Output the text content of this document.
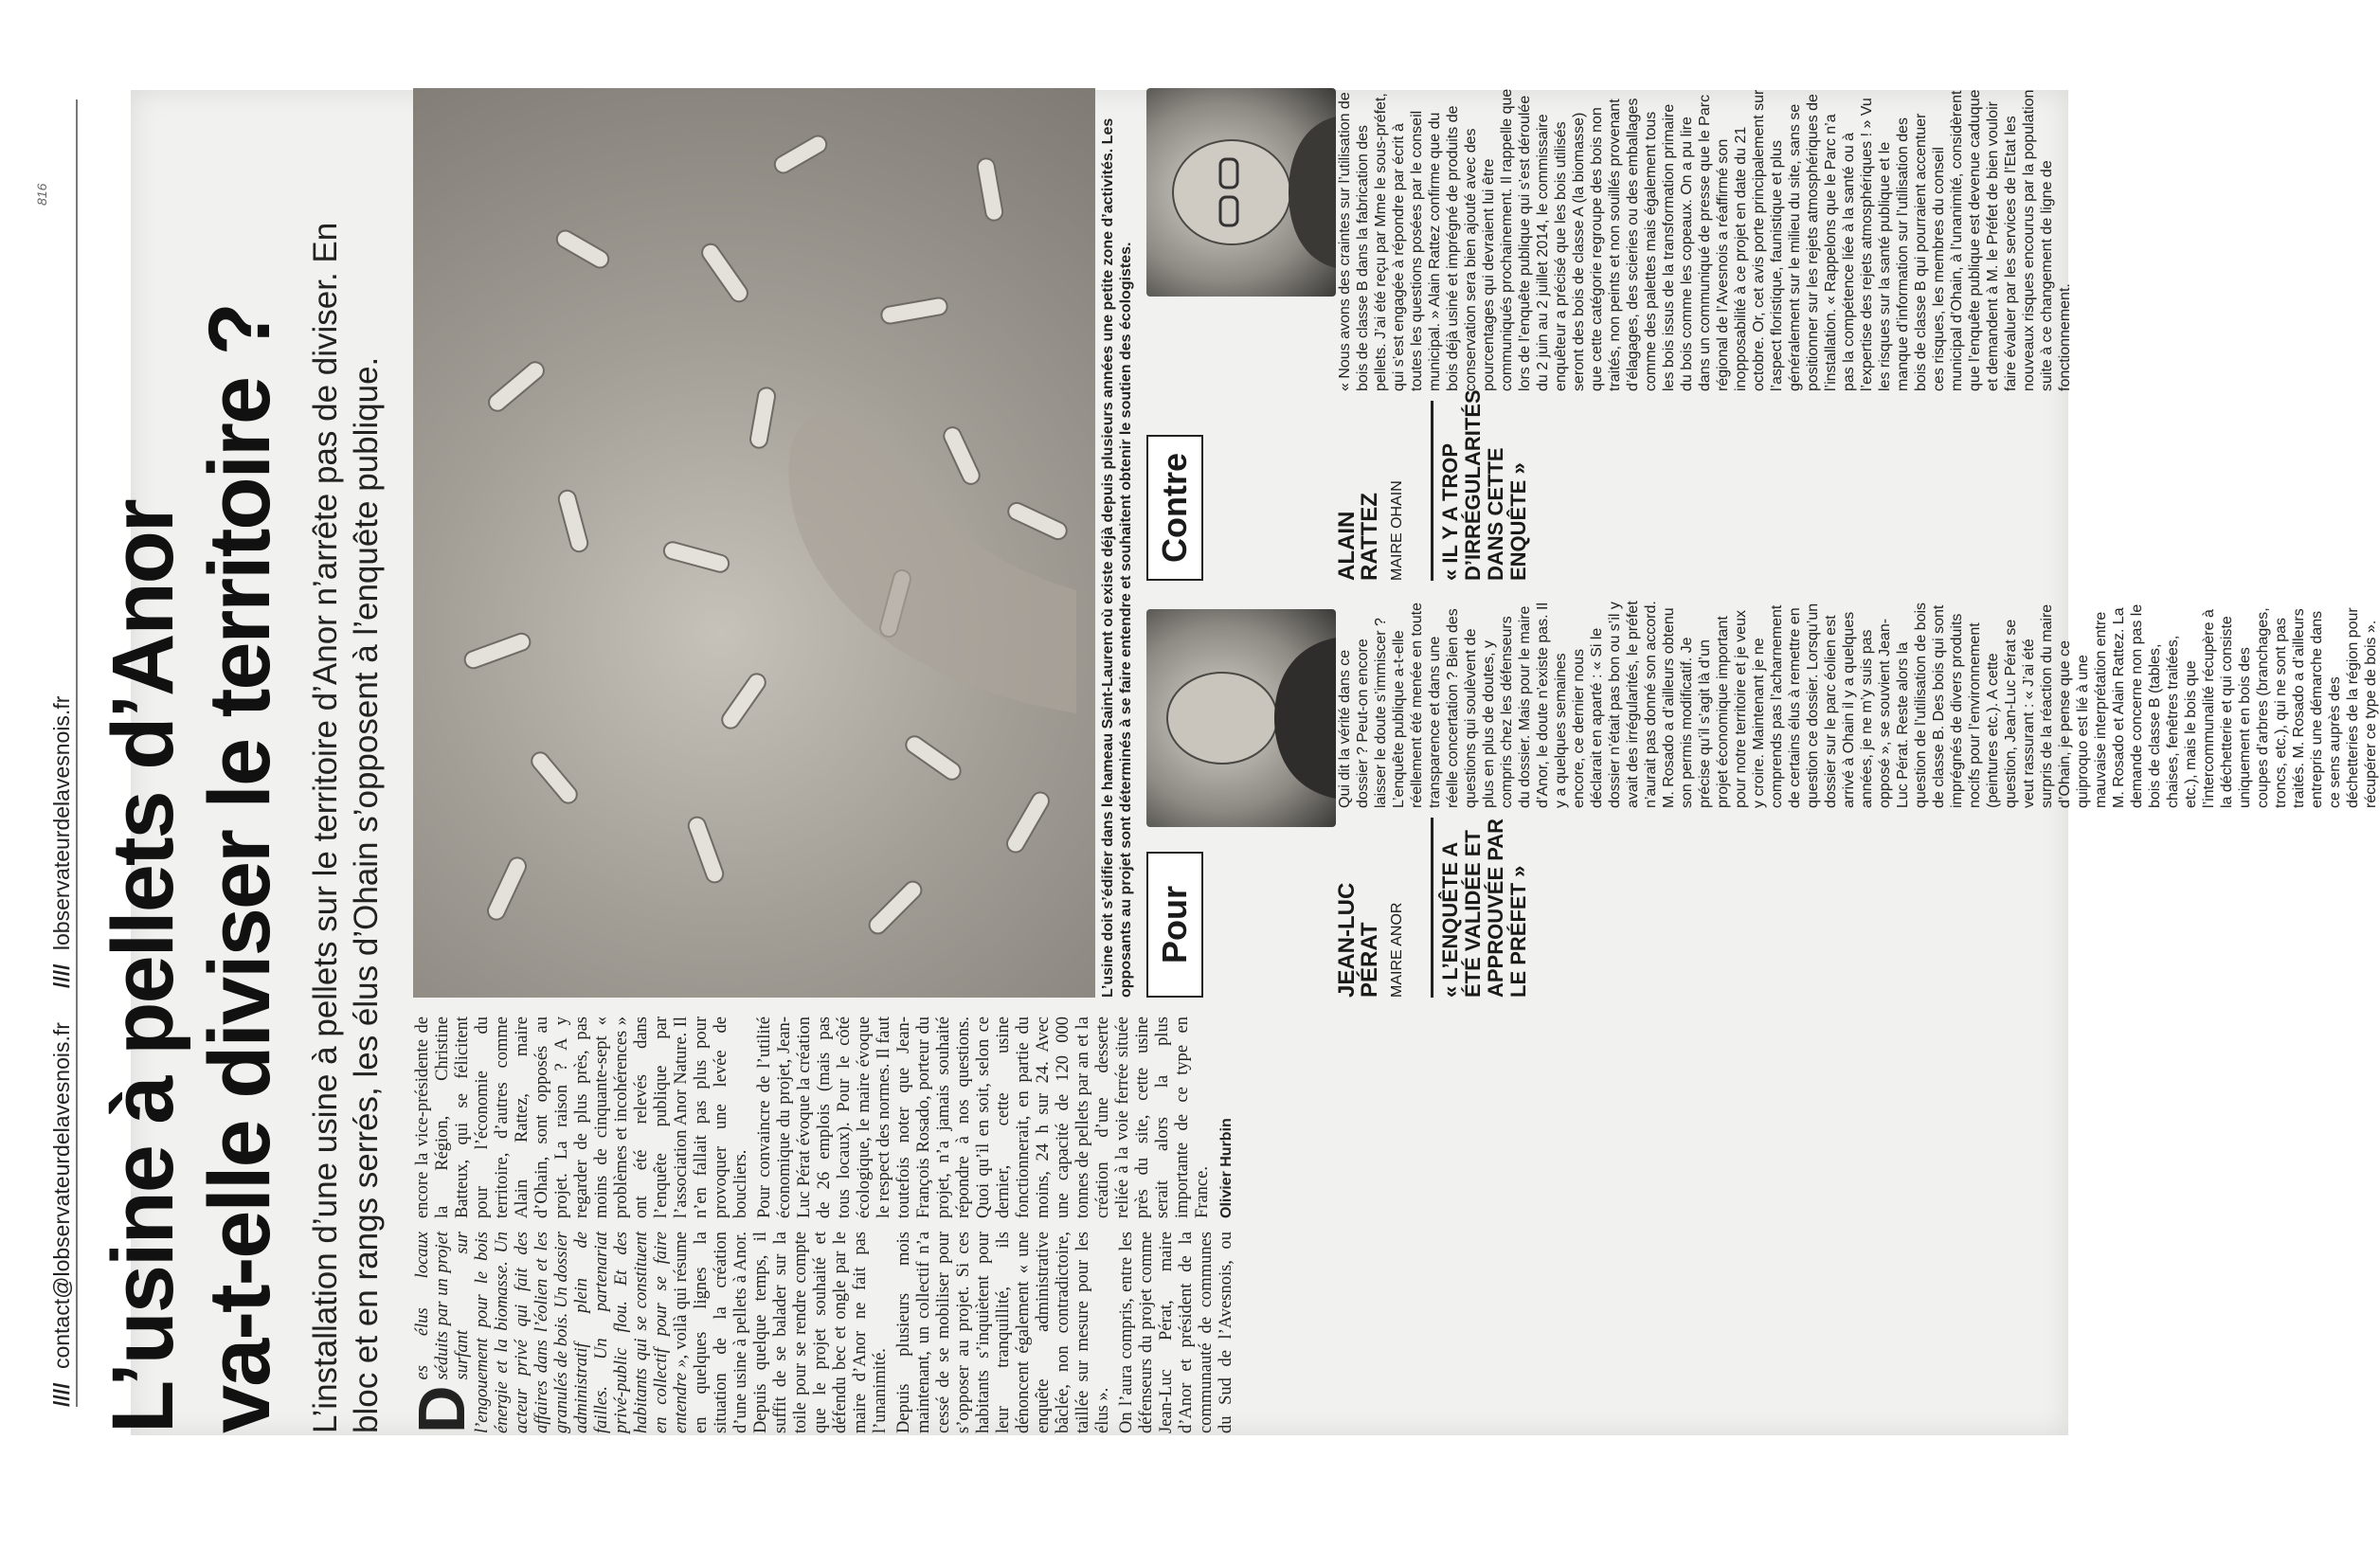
//// contact@lobservateurdelavesnois.fr
//// lobservateurdelavesnois.fr
816
L’usine à pellets d’Anor va-t-elle diviser le territoire ? L’installation d’une usine à pellets sur le territoire d’Anor n’arrête pas de diviser. En bloc et en rangs serrés, les élus d’Ohain s’opposent à l’enquête publique. D
es élus locaux séduits par un projet surfant sur l’engouement pour le bois énergie et la biomasse. Un acteur privé qui fait des affaires dans l’éolien et les granulés de bois. Un dossier administratif plein de failles. Un partenariat privé-public flou. Et des habitants qui se constituent en collectif pour se faire entendre », voilà qui résume en quelques lignes la situation de la création d’une usine à pellets à Anor. Depuis quelque temps, il suffit de se balader sur la toile pour se rendre compte que le projet souhaité et défendu bec et ongle par le maire d’Anor ne fait pas l’unanimité. Depuis plusieurs mois maintenant, un collectif n’a cessé de se mobiliser pour s’opposer au projet. Si ces habitants s’inquiètent pour leur tranquillité, ils dénoncent également « une enquête administrative bâclée, non contradictoire, taillée sur mesure pour les élus ». On l’aura compris, entre les défenseurs du projet comme Jean-Luc Pérat, maire d’Anor et président de la communauté de communes du Sud de l’Avesnois, ou encore la vice-présidente de la Région, Christine Batteux, qui se félicitent pour l’économie du territoire, d’autres comme Alain Rattez, maire d’Ohain, sont opposés au projet. La raison ? A y regarder de plus près, pas moins de cinquante-sept « problèmes et incohérences » ont été relevés dans l’enquête publique par l’association Anor Nature. Il n’en fallait pas plus pour provoquer une levée de boucliers. Pour convaincre de l’utilité économique du projet, Jean-Luc Pérat évoque la création de 26 emplois (mais pas tous locaux). Pour le côté écologique, le maire évoque le respect des normes. Il faut toutefois noter que Jean-François Rosado, porteur du projet, n’a jamais souhaité répondre à nos questions. Quoi qu’il en soit, selon ce dernier, cette usine fonctionnerait, en partie du moins, 24 h sur 24. Avec une capacité de 120 000 tonnes de pellets par an et la création d’une desserte reliée à la voie ferrée située près du site, cette usine serait alors la plus importante de ce type en France. Olivier Hurbin

L’usine doit s’édifier dans le hameau Saint-Laurent où existe déjà depuis plusieurs années une petite zone d’activités. Les opposants au projet sont déterminés à se faire entendre et souhaitent obtenir le soutien des écologistes. Pour	JEAN-LUC PÉRAT MAIRE ANOR	« L’ENQUÊTE A ÉTÉ VALIDÉE ET APPROUVÉE PAR LE PRÉFET »
Qui dit la vérité dans ce dossier ? Peut-on encore laisser le doute s’immiscer ? L’enquête publique a-t-elle réellement été menée en toute transparence et dans une réelle concertation ? Bien des questions qui soulèvent de plus en plus de doutes, y compris chez les défenseurs du dossier. Mais pour le maire d’Anor, le doute n’existe pas. Il y a quelques semaines encore, ce dernier nous déclarait en aparté : « Si le dossier n’était pas bon ou s’il y avait des irrégularités, le préfet n’aurait pas donné son accord. M. Rosado a d’ailleurs obtenu son permis modificatif. Je précise qu’il s’agit là d’un projet économique important pour notre territoire et je veux y croire. Maintenant je ne comprends pas l’acharnement de certains élus à remettre en question ce dossier. Lorsqu’un dossier sur le parc éolien est arrivé à Ohain il y a quelques années, je ne m’y suis pas opposé », se souvient Jean-Luc Pérat. Reste alors la question de l’utilisation de bois de classe B. Des bois qui sont imprégnés de divers produits nocifs pour l’environnement (peintures etc.). A cette question, Jean-Luc Pérat se veut rassurant : « J’ai été surpris de la réaction du maire d’Ohain, je pense que ce quiproquo est lié à une mauvaise interprétation entre M. Rosado et Alain Rattez. La demande concerne non pas le bois de classe B (tables, chaises, fenêtres traitées, etc.), mais le bois que l’intercommunalité récupère à la déchetterie et qui consiste uniquement en bois des coupes d’arbres (branchages, troncs, etc.), qui ne sont pas traités. M. Rosado a d’ailleurs entrepris une démarche dans ce sens auprès des déchetteries de la région pour récupérer ce type de bois ».
Contre	ALAIN RATTEZ MAIRE OHAIN	« IL Y A TROP D’IRRÉGULARITÉS DANS CETTE ENQUÊTE »
« Nous avons des craintes sur l’utilisation de bois de classe B dans la fabrication des pellets. J’ai été reçu par Mme le sous-préfet, qui s’est engagée à répondre par écrit à toutes les questions posées par le conseil municipal. » Alain Rattez confirme que du bois déjà usiné et imprégné de produits de conservation sera bien ajouté avec des pourcentages qui devraient lui être communiqués prochainement. Il rappelle que lors de l’enquête publique qui s’est déroulée du 2 juin au 2 juillet 2014, le commissaire enquêteur a précisé que les bois utilisés seront des bois de classe A (la biomasse) que cette catégorie regroupe des bois non traités, non peints et non souillés provenant d’élagages, des scieries ou des emballages comme des palettes mais également tous les bois issus de la transformation primaire du bois comme les copeaux. On a pu lire dans un communiqué de presse que le Parc régional de l’Avesnois a réaffirmé son inopposabilité à ce projet en date du 21 octobre. Or, cet avis porte principalement sur l’aspect floristique, faunistique et plus généralement sur le milieu du site, sans se positionner sur les rejets atmosphériques de l’installation. « Rappelons que le Parc n’a pas la compétence liée à la santé ou à l’expertise des rejets atmosphériques ! » Vu les risques sur la santé publique et le manque d’information sur l’utilisation des bois de classe B qui pourraient accentuer ces risques, les membres du conseil municipal d’Ohain, à l’unanimité, considèrent que l’enquête publique est devenue caduque et demandent à M. le Préfet de bien vouloir faire évaluer par les services de l’Etat les nouveaux risques encourus par la population suite à ce changement de ligne de fonctionnement.
